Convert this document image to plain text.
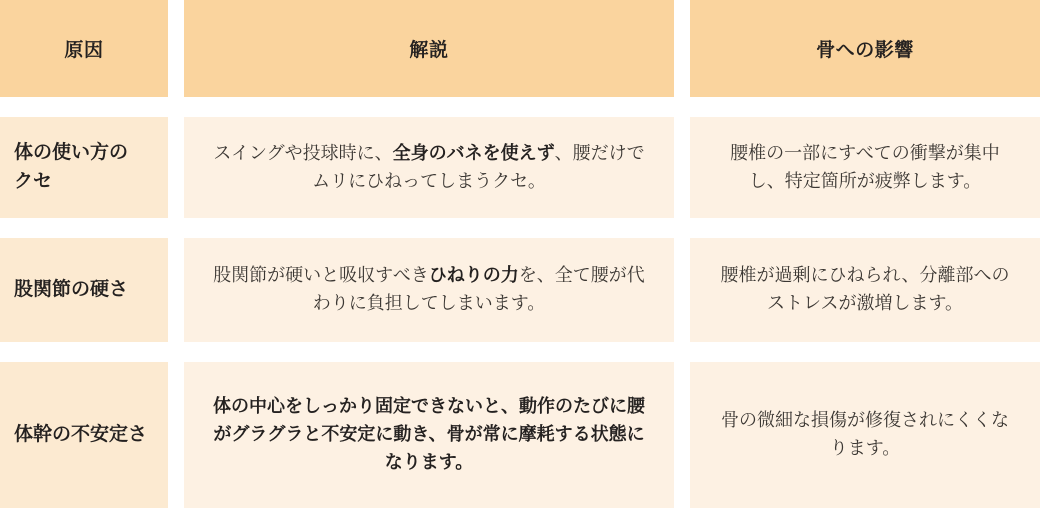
原因	解説	骨への影響
体の使い方の
クセ

スイングや投球時に、全身のバネを使えず、腰だけでムリにひねってしまうクセ。

腰椎の一部にすべての衝撃が集中し、特定箇所が疲弊します。

股関節の硬さ

股関節が硬いと吸収すべきひねりの力を、全て腰が代わりに負担してしまいます。

腰椎が過剰にひねられ、分離部へのストレスが激増します。

体幹の不安定さ

体の中心をしっかり固定できないと、動作のたびに腰がグラグラと不安定に動き、骨が常に摩耗する状態になります。

骨の微細な損傷が修復されにくくなります。
